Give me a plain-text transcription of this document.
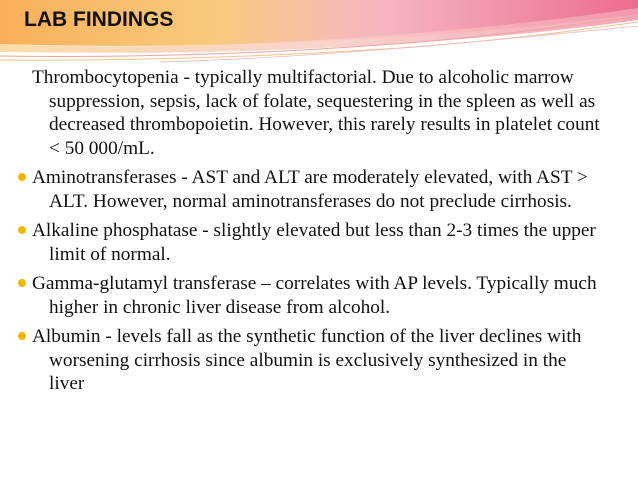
LAB FINDINGS

Thrombocytopenia - typically multifactorial. Due to alcoholic marrow suppression, sepsis, lack of folate, sequestering in the spleen as well as decreased thrombopoietin. However, this rarely results in platelet count < 50 000/mL.

Aminotransferases - AST and ALT are moderately elevated, with AST > ALT. However, normal aminotransferases do not preclude cirrhosis.

Alkaline phosphatase - slightly elevated but less than 2-3 times the upper limit of normal.

Gamma-glutamyl transferase – correlates with AP levels. Typically much higher in chronic liver disease from alcohol.

Albumin - levels fall as the synthetic function of the liver declines with worsening cirrhosis since albumin is exclusively synthesized in the liver
